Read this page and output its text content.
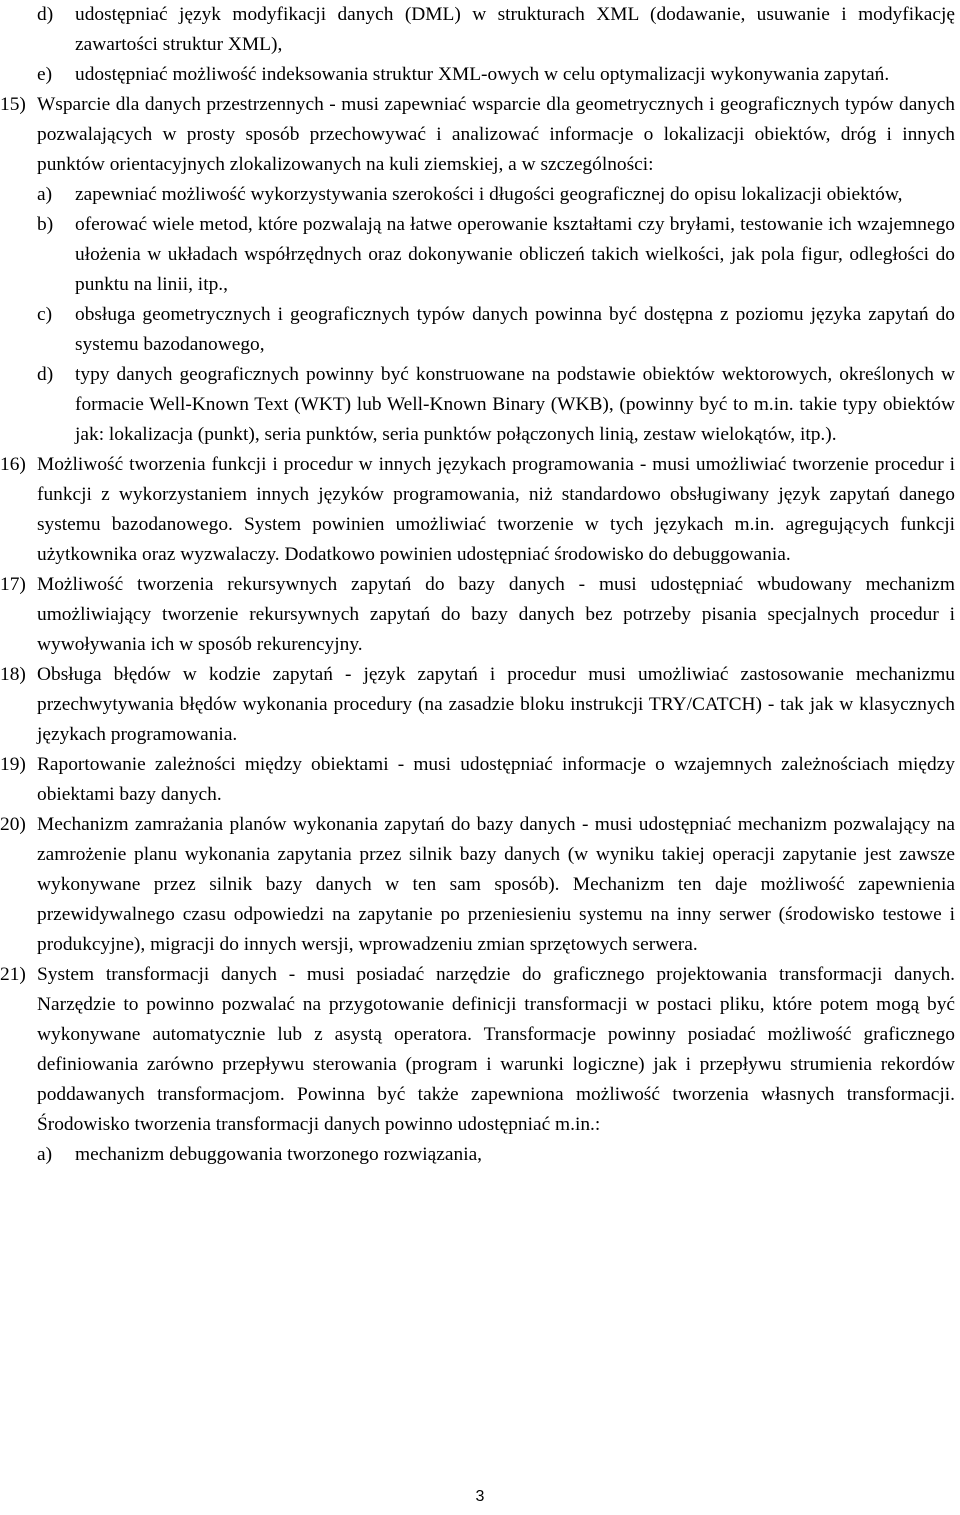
d)	udostępniać język modyfikacji danych (DML) w strukturach XML (dodawanie, usuwanie i modyfikację zawartości struktur XML),
e)	udostępniać możliwość indeksowania struktur XML-owych w celu optymalizacji wykonywania zapytań.
15) Wsparcie dla danych przestrzennych - musi zapewniać wsparcie dla geometrycznych i geograficznych typów danych pozwalających w prosty sposób przechowywać i analizować informacje o lokalizacji obiektów, dróg i innych punktów orientacyjnych zlokalizowanych na kuli ziemskiej, a w szczególności:
a)	zapewniać możliwość wykorzystywania szerokości i długości geograficznej do opisu lokalizacji obiektów,
b)	oferować wiele metod, które pozwalają na łatwe operowanie kształtami czy bryłami, testowanie ich wzajemnego ułożenia w układach współrzędnych oraz dokonywanie obliczeń takich wielkości, jak pola figur, odległości do punktu na linii, itp.,
c)	obsługa geometrycznych i geograficznych typów danych powinna być dostępna z poziomu języka zapytań do systemu bazodanowego,
d)	typy danych geograficznych powinny być konstruowane na podstawie obiektów wektorowych, określonych w formacie Well-Known Text (WKT) lub Well-Known Binary (WKB), (powinny być to m.in. takie typy obiektów jak: lokalizacja (punkt), seria punktów, seria punktów połączonych linią, zestaw wielokątów, itp.).
16) Możliwość tworzenia funkcji i procedur w innych językach programowania - musi umożliwiać tworzenie procedur i funkcji z wykorzystaniem innych języków programowania, niż standardowo obsługiwany język zapytań danego systemu bazodanowego. System powinien umożliwiać tworzenie w tych językach m.in. agregujących funkcji użytkownika oraz wyzwalaczy. Dodatkowo powinien udostępniać środowisko do debuggowania.
17) Możliwość tworzenia rekursywnych zapytań do bazy danych - musi udostępniać wbudowany mechanizm umożliwiający tworzenie rekursywnych zapytań do bazy danych bez potrzeby pisania specjalnych procedur i wywoływania ich w sposób rekurencyjny.
18) Obsługa błędów w kodzie zapytań - język zapytań i procedur musi umożliwiać zastosowanie mechanizmu przechwytywania błędów wykonania procedury (na zasadzie bloku instrukcji TRY/CATCH) - tak jak w klasycznych językach programowania.
19) Raportowanie zależności między obiektami - musi udostępniać informacje o wzajemnych zależnościach między obiektami bazy danych.
20) Mechanizm zamrażania planów wykonania zapytań do bazy danych - musi udostępniać mechanizm pozwalający na zamrożenie planu wykonania zapytania przez silnik bazy danych (w wyniku takiej operacji zapytanie jest zawsze wykonywane przez silnik bazy danych w ten sam sposób). Mechanizm ten daje możliwość zapewnienia przewidywalnego czasu odpowiedzi na zapytanie po przeniesieniu systemu na inny serwer (środowisko testowe i produkcyjne), migracji do innych wersji, wprowadzeniu zmian sprzętowych serwera.
21) System transformacji danych - musi posiadać narzędzie do graficznego projektowania transformacji danych. Narzędzie to powinno pozwalać na przygotowanie definicji transformacji w postaci pliku, które potem mogą być wykonywane automatycznie lub z asystą operatora. Transformacje powinny posiadać możliwość graficznego definiowania zarówno przepływu sterowania (program i warunki logiczne) jak i przepływu strumienia rekordów poddawanych transformacjom. Powinna być także zapewniona możliwość tworzenia własnych transformacji. Środowisko tworzenia transformacji danych powinno udostępniać m.in.:
a)	mechanizm debuggowania tworzonego rozwiązania,
3
